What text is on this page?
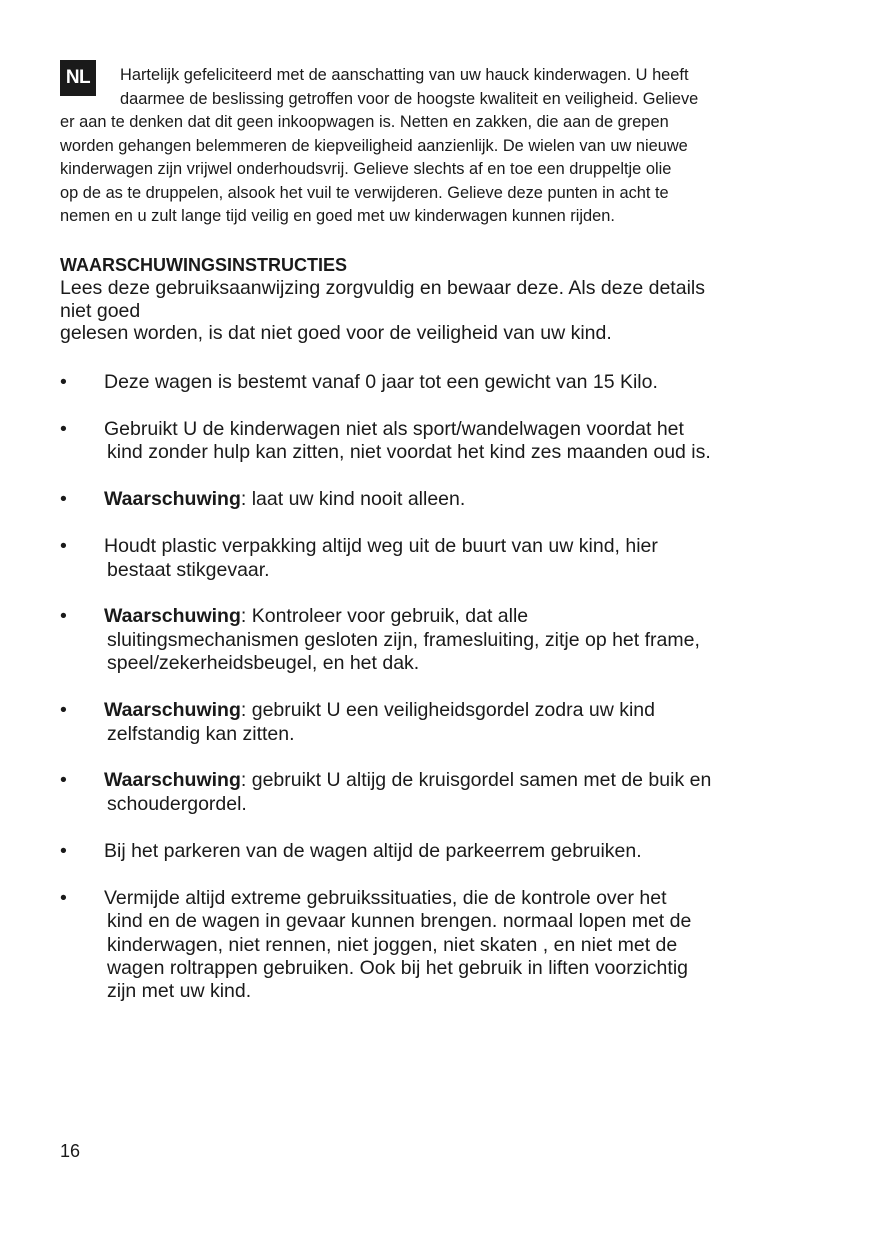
NL	Hartelijk gefeliciteerd met de aanschatting van uw hauck kinderwagen. U heeft
daarmee de beslissing getroffen voor de hoogste kwaliteit en veiligheid. Gelieve
er aan te denken dat dit geen inkoopwagen is. Netten en zakken, die aan de grepen
worden gehangen belemmeren de kiepveiligheid aanzienlijk. De wielen van uw nieuwe
kinderwagen zijn vrijwel onderhoudsvrij. Gelieve slechts af en toe een druppeltje olie
op de as te druppelen, alsook het vuil te verwijderen. Gelieve deze punten in acht te
nemen en u zult lange tijd veilig en goed met uw kinderwagen kunnen rijden.
WAARSCHUWINGSINSTRUCTIES
Lees deze gebruiksaanwijzing zorgvuldig en bewaar deze. Als deze details
niet goed
gelesen worden, is dat niet goed voor de veiligheid van uw kind.
• Deze wagen is bestemt vanaf 0 jaar tot een gewicht van 15 Kilo.
• Gebruikt U de kinderwagen niet als sport/wandelwagen voordat het
kind zonder hulp kan zitten, niet voordat het kind zes maanden oud is.
• Waarschuwing: laat uw kind nooit alleen.
• Houdt plastic verpakking altijd weg uit de buurt van uw kind, hier
bestaat stikgevaar.
• Waarschuwing: Kontroleer voor gebruik, dat alle
sluitingsmechanismen gesloten zijn, framesluiting, zitje op het frame,
speel/zekerheidsbeugel, en het dak.
• Waarschuwing: gebruikt U een veiligheidsgordel zodra uw kind
zelfstandig kan zitten.
• Waarschuwing: gebruikt U altijg de kruisgordel samen met de buik en
schoudergordel.
• Bij het parkeren van de wagen altijd de parkeerrem gebruiken.
• Vermijde altijd extreme gebruikssituaties, die de kontrole over het
kind en de wagen in gevaar kunnen brengen. normaal lopen met de
kinderwagen, niet rennen, niet joggen, niet skaten , en niet met de
wagen roltrappen gebruiken. Ook bij het gebruik in liften voorzichtig
zijn met uw kind.
16
